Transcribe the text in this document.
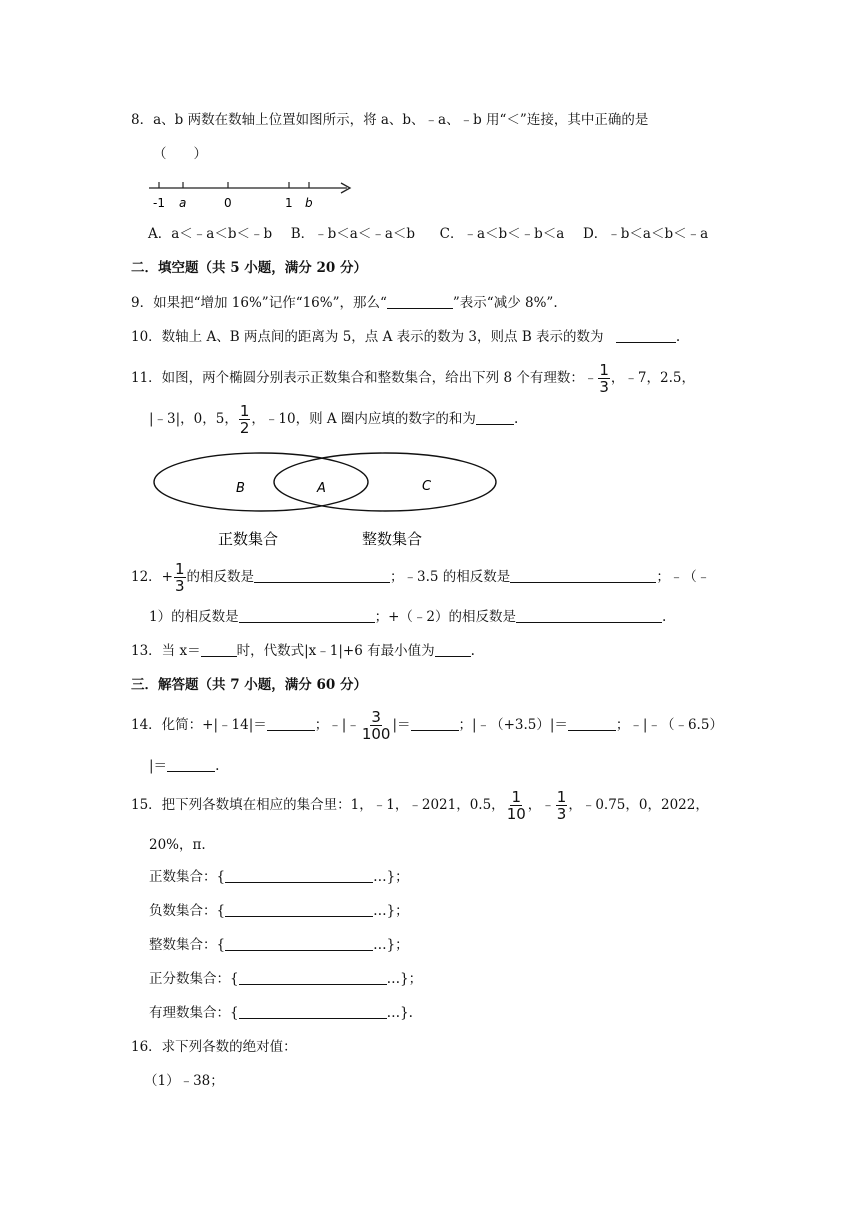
8．a、b 两数在数轴上位置如图所示，将 a、b、﹣a、﹣b 用“＜”连接，其中正确的是
（　　）
-1 a	0	1 b
A．a＜﹣a＜b＜﹣b B．﹣b＜a＜﹣a＜b C．﹣a＜b＜﹣b＜a D．﹣b＜a＜b＜﹣a
二．填空题（共 5 小题，满分 20 分）
9．如果把“增加 16%”记作“16%”，那么“	”表示“减少 8%”.
10．数轴上 A、B 两点间的距离为 5，点 A 表示的数为 3，则点 B 表示的数为	.
11．如图，两个椭圆分别表示正数集合和整数集合，给出下列 8 个有理数：﹣ $\frac{1}{3}$ ，﹣7，2.5，
|﹣3|，0，5， $\frac{1}{2}$ ，﹣10，则 A 圈内应填的数字的和为	.
B	A	C
正数集合	整数集合
12．+ $\frac{1}{3}$ 的相反数是	；﹣3.5 的相反数是	；﹣（﹣
1）的相反数是	；+（﹣2）的相反数是	.
13．当 x＝	时，代数式|x﹣1|+6 有最小值为	.
三．解答题（共 7 小题，满分 60 分）
14．化简：+|﹣14|＝	；﹣|﹣ $\frac{3}{100}$ |＝	；|﹣（+3.5）|＝	；﹣|﹣（﹣6.5）
|＝	.
15．把下列各数填在相应的集合里：1，﹣1，﹣2021，0.5， $\frac{1}{10}$ ，﹣ $\frac{1}{3}$ ，﹣0.75，0，2022，
20%，π.
正数集合：{	…}；
负数集合：{	…}；
整数集合：{	…}；
正分数集合：{	…}；
有理数集合：{	…}.
16．求下列各数的绝对值：
（1）﹣38；
